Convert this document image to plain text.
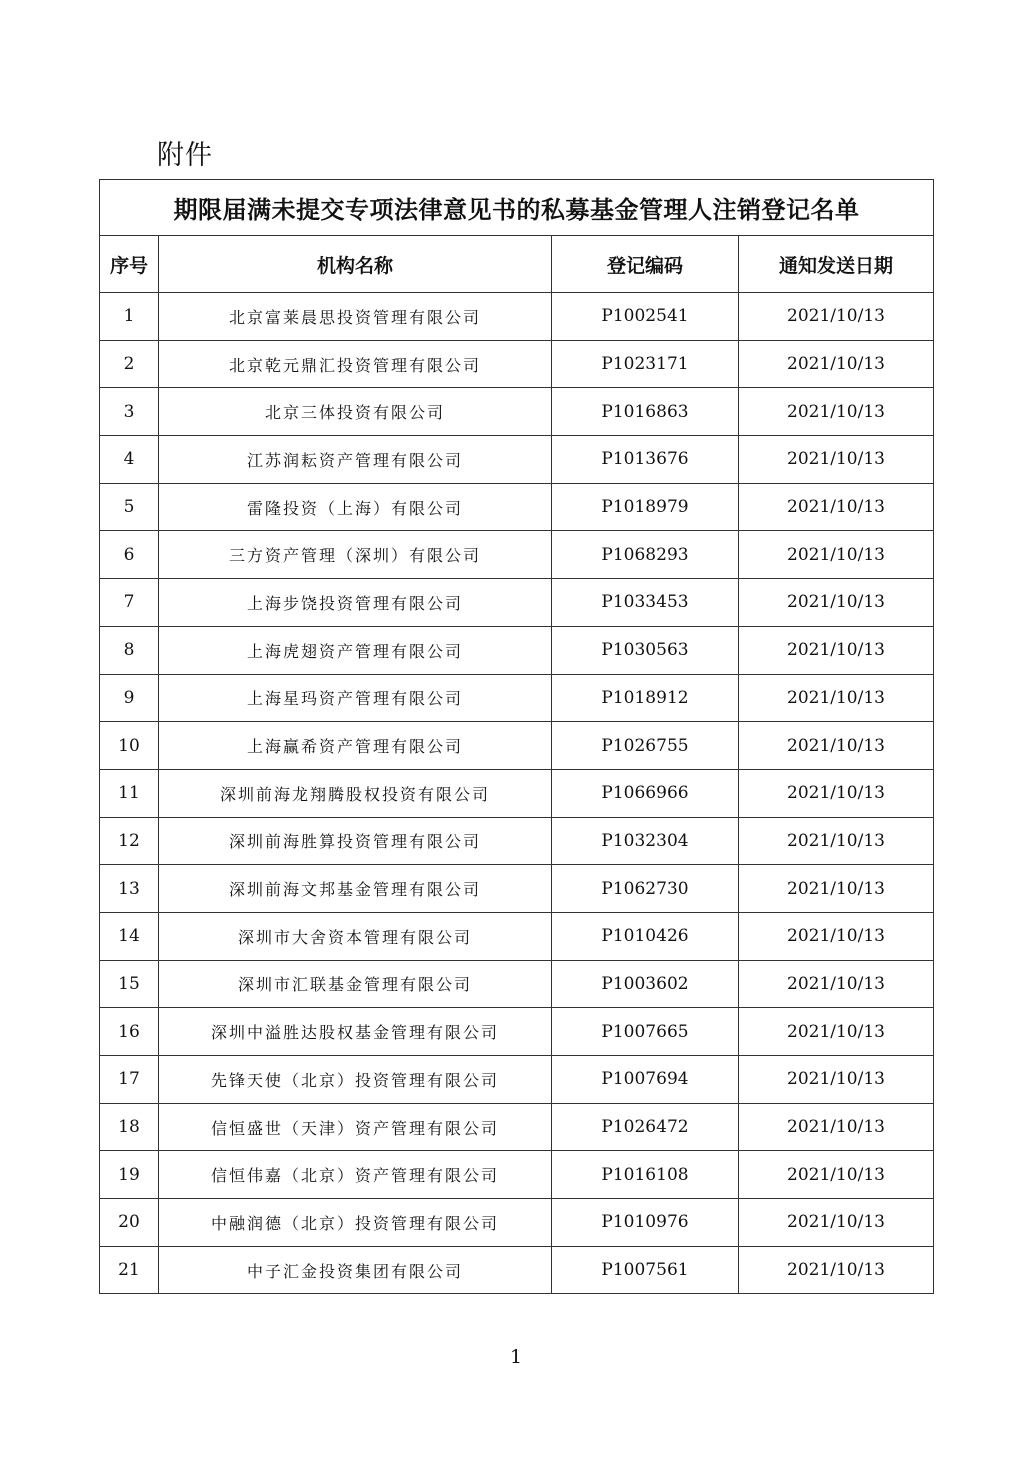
附件
期限届满未提交专项法律意见书的私募基金管理人注销登记名单			
序号	机构名称	登记编码	通知发送日期
1	北京富莱晨思投资管理有限公司	P1002541	2021/10/13
2	北京乾元鼎汇投资管理有限公司	P1023171	2021/10/13
3	北京三体投资有限公司	P1016863	2021/10/13
4	江苏润耘资产管理有限公司	P1013676	2021/10/13
5	雷隆投资（上海）有限公司	P1018979	2021/10/13
6	三方资产管理（深圳）有限公司	P1068293	2021/10/13
7	上海步饶投资管理有限公司	P1033453	2021/10/13
8	上海虎翅资产管理有限公司	P1030563	2021/10/13
9	上海星玛资产管理有限公司	P1018912	2021/10/13
10	上海赢希资产管理有限公司	P1026755	2021/10/13
11	深圳前海龙翔腾股权投资有限公司	P1066966	2021/10/13
12	深圳前海胜算投资管理有限公司	P1032304	2021/10/13
13	深圳前海文邦基金管理有限公司	P1062730	2021/10/13
14	深圳市大舍资本管理有限公司	P1010426	2021/10/13
15	深圳市汇联基金管理有限公司	P1003602	2021/10/13
16	深圳中溢胜达股权基金管理有限公司	P1007665	2021/10/13
17	先锋天使（北京）投资管理有限公司	P1007694	2021/10/13
18	信恒盛世（天津）资产管理有限公司	P1026472	2021/10/13
19	信恒伟嘉（北京）资产管理有限公司	P1016108	2021/10/13
20	中融润德（北京）投资管理有限公司	P1010976	2021/10/13
21	中子汇金投资集团有限公司	P1007561	2021/10/13
1
